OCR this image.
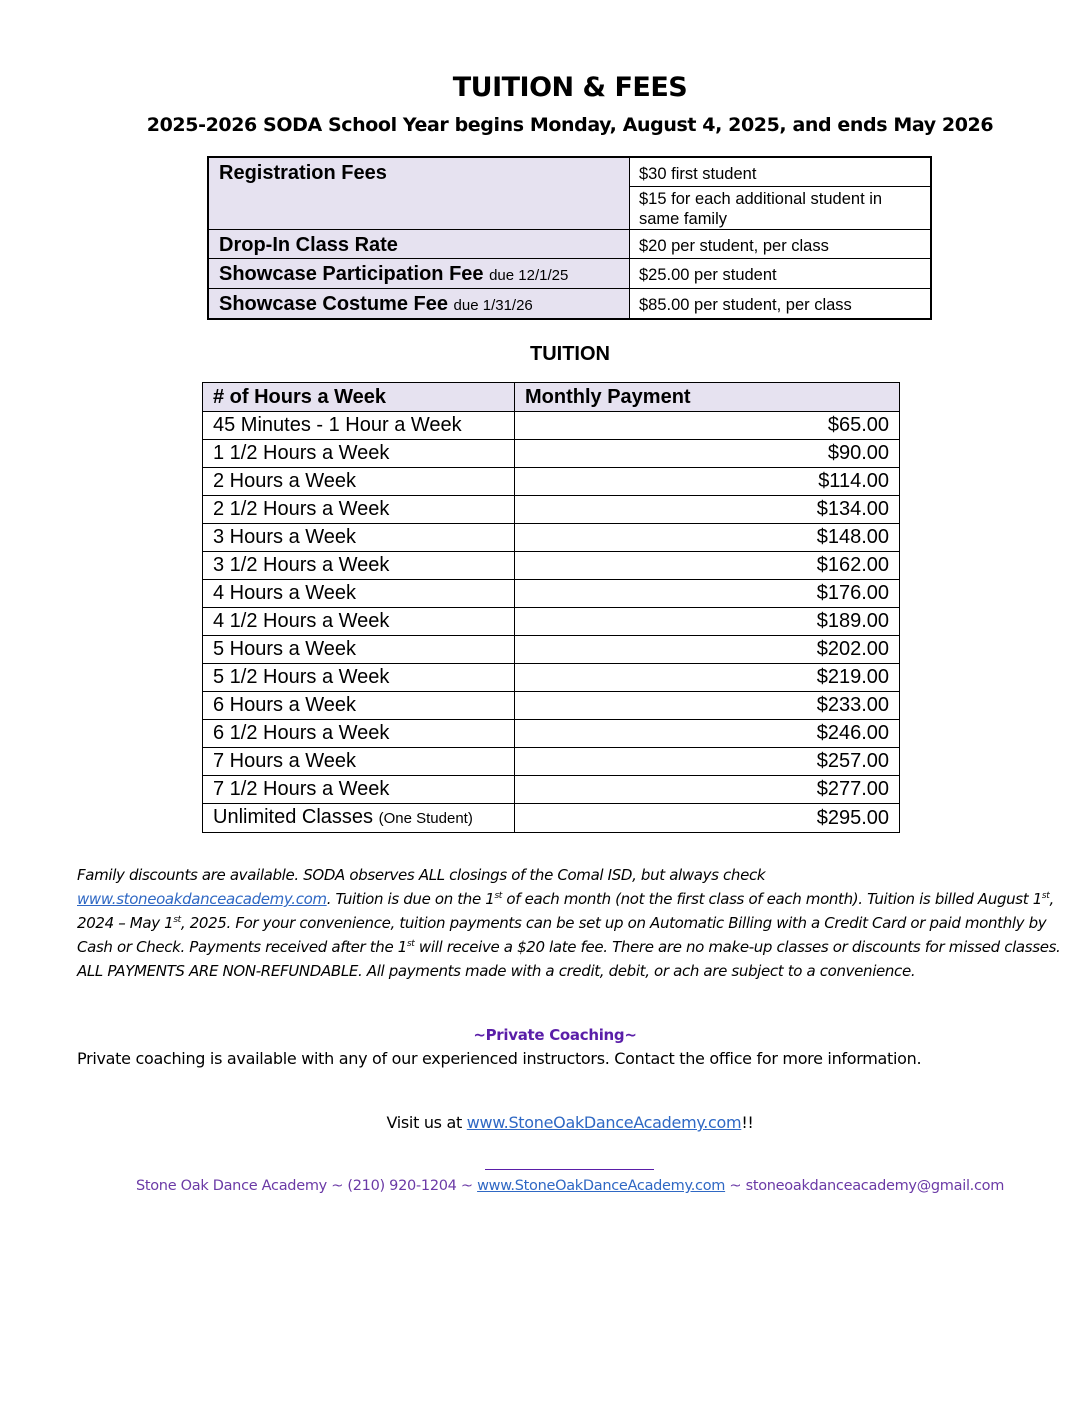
TUITION & FEES
2025-2026 SODA School Year begins Monday, August 4, 2025, and ends May 2026
Registration Fees	$30 first student
	$15 for each additional student in same family
Drop-In Class Rate	$20 per student, per class
Showcase Participation Fee due 12/1/25	$25.00 per student
Showcase Costume Fee due 1/31/26	$85.00 per student, per class
TUITION
# of Hours a Week	Monthly Payment
45 Minutes - 1 Hour a Week	$65.00
1 1/2 Hours a Week	$90.00
2 Hours a Week	$114.00
2 1/2 Hours a Week	$134.00
3 Hours a Week	$148.00
3 1/2 Hours a Week	$162.00
4 Hours a Week	$176.00
4 1/2 Hours a Week	$189.00
5 Hours a Week	$202.00
5 1/2 Hours a Week	$219.00
6 Hours a Week	$233.00
6 1/2 Hours a Week	$246.00
7 Hours a Week	$257.00
7 1/2 Hours a Week	$277.00
Unlimited Classes (One Student)	$295.00
Family discounts are available. SODA observes ALL closings of the Comal ISD, but always check
www.stoneoakdanceacademy.com. Tuition is due on the 1st of each month (not the first class of each month). Tuition is billed August 1st, 2024 – May 1st, 2025. For your convenience, tuition payments can be set up on Automatic Billing with a Credit Card or paid monthly by Cash or Check. Payments received after the 1st will receive a $20 late fee. There are no make-up classes or discounts for missed classes. ALL PAYMENTS ARE NON-REFUNDABLE. All payments made with a credit, debit, or ach are subject to a convenience.
~Private Coaching~
Private coaching is available with any of our experienced instructors. Contact the office for more information.
Visit us at www.StoneOakDanceAcademy.com!!
Stone Oak Dance Academy ~ (210) 920-1204 ~ www.StoneOakDanceAcademy.com ~ stoneoakdanceacademy@gmail.com
